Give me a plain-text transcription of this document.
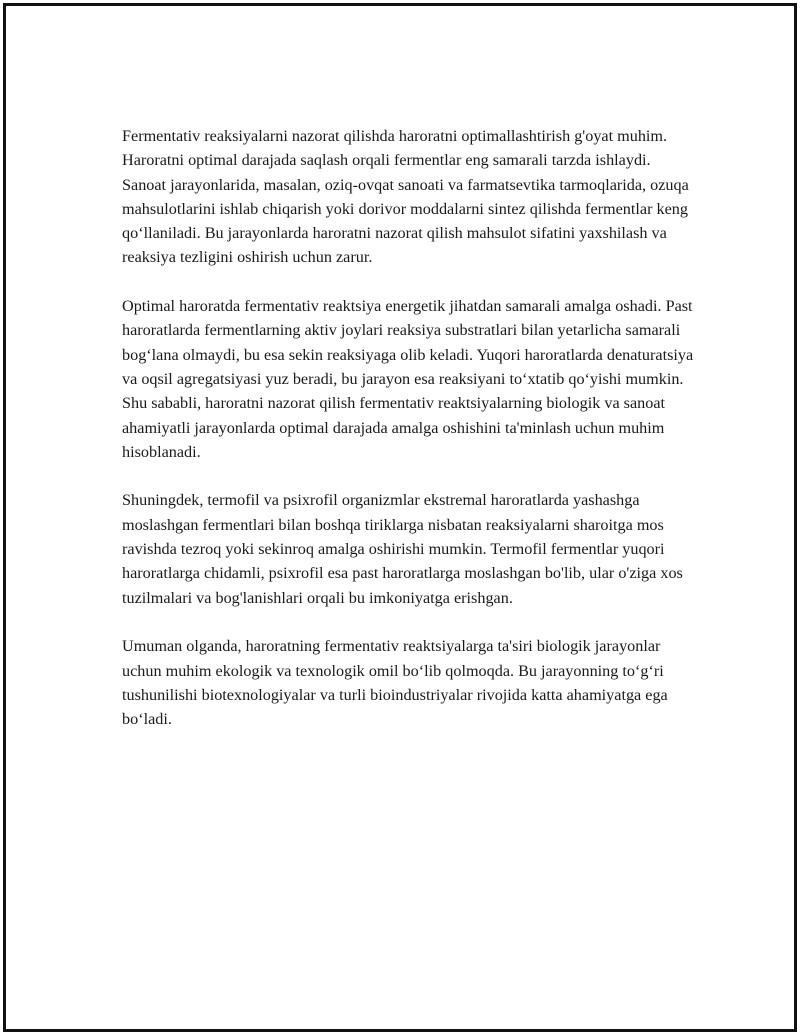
Fermentativ reaksiyalarni nazorat qilishda haroratni optimallashtirish g'oyat muhim. Haroratni optimal darajada saqlash orqali fermentlar eng samarali tarzda ishlaydi. Sanoat jarayonlarida, masalan, oziq-ovqat sanoati va farmatsevtika tarmoqlarida, ozuqa mahsulotlarini ishlab chiqarish yoki dorivor moddalarni sintez qilishda fermentlar keng qo‘llaniladi. Bu jarayonlarda haroratni nazorat qilish mahsulot sifatini yaxshilash va reaksiya tezligini oshirish uchun zarur.

Optimal haroratda fermentativ reaktsiya energetik jihatdan samarali amalga oshadi. Past haroratlarda fermentlarning aktiv joylari reaksiya substratlari bilan yetarlicha samarali bog‘lana olmaydi, bu esa sekin reaksiyaga olib keladi. Yuqori haroratlarda denaturatsiya va oqsil agregatsiyasi yuz beradi, bu jarayon esa reaksiyani to‘xtatib qo‘yishi mumkin. Shu sababli, haroratni nazorat qilish fermentativ reaktsiyalarning biologik va sanoat ahamiyatli jarayonlarda optimal darajada amalga oshishini ta'minlash uchun muhim hisoblanadi.

Shuningdek, termofil va psixrofil organizmlar ekstremal haroratlarda yashashga moslashgan fermentlari bilan boshqa tiriklarga nisbatan reaksiyalarni sharoitga mos ravishda tezroq yoki sekinroq amalga oshirishi mumkin. Termofil fermentlar yuqori haroratlarga chidamli, psixrofil esa past haroratlarga moslashgan bo'lib, ular o'ziga xos tuzilmalari va bog'lanishlari orqali bu imkoniyatga erishgan.

Umuman olganda, haroratning fermentativ reaktsiyalarga ta'siri biologik jarayonlar uchun muhim ekologik va texnologik omil bo‘lib qolmoqda. Bu jarayonning to‘g‘ri tushunilishi biotexnologiyalar va turli bioindustriyalar rivojida katta ahamiyatga ega bo‘ladi.
